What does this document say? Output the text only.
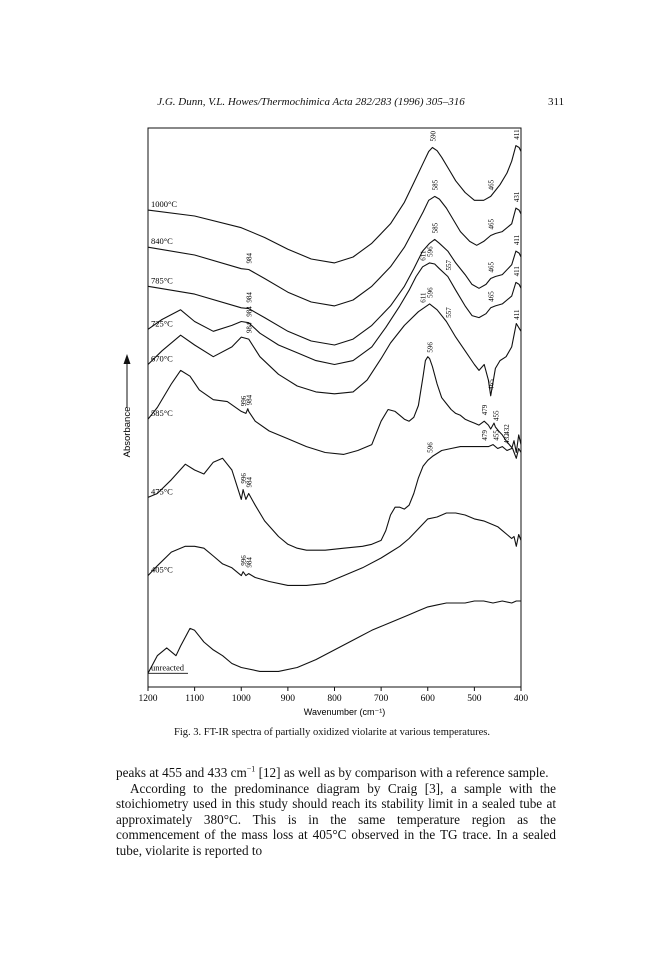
J.G. Dunn, V.L. Howes/Thermochimica Acta 282/283 (1996) 305–316	311
1200	1100	1000	900	800	700	600	500	400
Wavenumber (cm⁻¹)
Absorbance
1000°C
840°C
785°C
725°C
670°C
585°C
475°C
405°C
unreacted
590
465
411
984
585
465
431
984
585
465
411
984
611 596
557
465
411
984
611 596
557
465
411
996
984
596
479
455
432
596
479 455 432
996
984
996
984
Fig. 3. FT-IR spectra of partially oxidized violarite at various temperatures.

peaks at 455 and 433 $cm^{-1}$ [12] as well as by comparison with a reference sample.

According to the predominance diagram by Craig [3], a sample with the stoichiometry used in this study should reach its stability limit in a sealed tube at approximately 380°C. This is in the same temperature region as the commencement of the mass loss at 405°C observed in the TG trace. In a sealed tube, violarite is reported to
